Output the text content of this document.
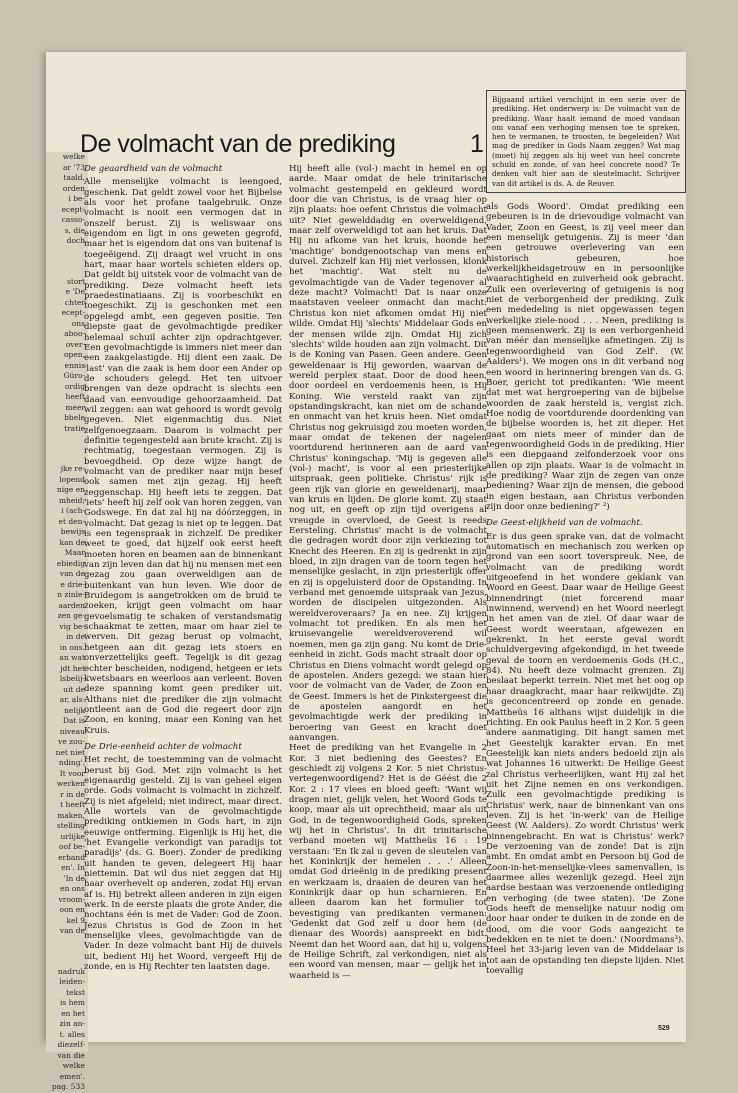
welke
ar '73
taald,
orden
i be-
ecept-
casso-
s, die
doch
stort
e 'De
chter
ecept-
ons
aboo-
over-
open,
ennis
Güro-
ordig
heeft
meer
bbele
tratie
jke re-
lopend
nige en
mheid;
i (ach-
et den-
bewijs
kan de
Maar
ebiedig
van de
e drie-
n zinle-
aarden
zen ge-
vig be-
in de
in ons.
an wat
jdt het
lsbelij-
uit de
ar, als-
nelijk
Dat is
niveau
ve zou-
net niet
nding'.
It voor
werken
r in de
t heeft
maken,
stelling
urlijke
oof be-
erband
en'. In
'In de
en ons
vroom-
oon en
kel 9
van de
nadruk
leiden-
tekst
is hem
en het
zin an-
t. alles
diezelf-
van die
welke
emen'.
pag. 533
De volmacht van de prediking	1
Bijgaand artikel verschijnt in een serie over de prediking. Het onderwerp is: De volmacht van de prediking. Waar haalt iemand de moed vandaan om vanaf een verhoging mensen toe te spreken, hen te vermanen, te troosten, te begeleiden? Wat mag de prediker in Gods Naam zeggen? Wat mag (moet) hij zeggen als hij weet van heel concrete schuld en zonde, of van heel concrete nood? Te denken valt hier aan de sleutelmacht. Schrijver van dit artikel is ds. A. de Reuver.

De geaardheid van de volmacht

Alle menselijke volmacht is leengoed, geschenk. Dat geldt zowel voor het Bijbelse als voor het profane taalgebruik. Onze volmacht is nooit een vermogen dat in onszelf berust. Zij is weliswaar ons eigendom en ligt in ons geweten gegrofd, maar het is eigendom dat ons van buitenaf is toegeëigend. Zij draagt wel vrucht in ons hart, maar haar wortels schieten elders op. Dat geldt bij uitstek voor de volmacht van de prediking. Deze volmacht heeft iets praedestinatiaans. Zij is voorbeschikt en toegeschikt. Zij is geschonken met een opgelegd ambt, een gegeven positie. Ten diepste gaat de gevolmachtigde prediker helemaal schuil achter zijn opdrachtgever. Een gevolmachtigde is immers niet meer dan een zaakgelastigde. Hij dient een zaak. De 'last' van die zaak is hem door een Ander op de schouders gelegd. Het ten uitvoer brengen van deze opdracht is slechts een daad van eenvoudige gehoorzaamheid. Dat wil zeggen: aan wat gehoord is wordt gevolg gegeven. Niet eigenmachtig dus. Niet zelfgenoegzaam. Daarom is volmacht per definitie tegengesteld aan brute kracht. Zij is rechtmatig, toegestaan vermogen. Zij is bevoegdheid. Op deze wijze hangt de volmacht van de prediker naar mijn besef ook samen met zijn gezag. Hij heeft zeggenschap. Hij heeft iets te zeggen. Dat 'iets' heeft hij zelf ook van horen zeggen, van Godswege. En dat zal hij na dóórzeggen, in volmacht. Dat gezag is niet op te leggen. Dat is een tegenspraak in zichzelf. De prediker weet te goed, dat hijzelf ook eerst heeft moeten horen en beamen aan de binnenkant van zijn leven dan dat hij nu mensen met een gezag zou gaan overweldigen aan de buitenkant van hun leven. Wie door de Bruidegom is aangetrokken om de bruid te zoeken, krijgt geen volmacht om haar gevoelsmatig te schaken of verstandsmatig schaakmat te zetten, maar om haar ziel te werven. Dit gezag berust op volmacht, hetgeen aan dit gezag iets stoers en onverzettelijks geeft. Tegelijk is dit gezag echter bescheiden, nodigend, hetgeen er iets kwetsbaars en weerloos aan verleent. Boven deze spanning komt geen prediker uit. Althans niet die prediker die zijn volmacht ontleent aan de God die regeert door zijn Zoon, en koning, maar een Koning van het Kruis.

De Drie-eenheid achter de volmacht

Het recht, de toestemming van de volmacht berust bij God. Met zijn volmacht is het eigenaardig gesteld. Zij is van geheel eigen orde. Gods volmacht is volmacht in zichzelf. Zij is niet afgeleid; niet indirect, maar direct. Alle wortels van de gevolmachtigde prediking ontkiemen in Gods hart, in zijn eeuwige ontferming. Eigenlijk is Hij het, die 'het Evangelie verkondigt van paradijs tot paradijs' (ds. G. Boer). Zonder de prediking uit handen te geven, delegeert Hij haar niettemin. Dat wil dus niet zeggen dat Hij haar overhevelt op anderen, zodat Hij ervan af is. Hij betrekt alleen anderen in zijn eigen werk. In de eerste plaats die grote Ander, die nochtans één is met de Vader: God de Zoon. Jezus Christus is God de Zoon in het menselijke vlees, gevolmachtigde van de Vader. In deze volmacht bant Hij de duivels uit, bedient Hij het Woord, vergeeft Hij de zonde, en is Hij Rechter ten laatsten dage.

Hij heeft alle (vol-) macht in hemel en op aarde. Maar omdat de hele trinitarische volmacht gestempeld en gekleurd wordt door die van Christus, is de vraag hier op zijn plaats: hoe oefent Christus die volmacht uit? Niet gewelddadig en overweldigend, maar zelf overweldigd tot aan het kruis. Dat Hij nu afkome van het kruis, hoonde het 'machtige' bondgenootschap van mens en duivel. Zichzelf kan Hij niet verlossen, klonk het 'machtig'. Wat stelt nu de gevolmachtigde van de Vader tegenover al deze macht? Volmacht! Dat is naar onze maatstaven veeleer onmacht dan macht: Christus kon niet afkomen omdat Hij niet wilde. Omdat Hij 'slechts' Middelaar Gods en der mensen wilde zijn. Omdat Hij zich 'slechts' wilde houden aan zijn volmacht. Dit is de Koning van Pasen. Geen andere. Geen geweldenaar is Hij geworden, waarvan de wereld perplex staat. Door de dood heen, door oordeel en verdoemenis heen, is Hij Koning. Wie versteld raakt van zijn opstandingskracht, kan niet om de schande en onmacht van het kruis heen. Niet omdat Christus nog gekruisigd zou moeten worden, maar omdat de tekenen der nagelen voortdurend herinneren aan de aard van Christus' koningschap. 'Mij is gegeven alle (vol-) macht', is voor al een priesterlijke uitspraak, geen politieke. Christus' rijk is geen rijk van glorie en geweldenarij, maar van kruis en lijden. De glorie komt. Zij staat nog uit, en geeft op zijn tijd overigens al vreugde in overvloed, de Geest is reeds Eersteling. Christus' macht is de volmacht die gedragen wordt door zijn verkiezing tot Knecht des Heeren. En zij is gedrenkt in zijn bloed, in zijn dragen van de toorn tegen het menselijke geslacht, in zijn priesterlijk offer en zij is opgeluisterd door de Opstanding. In verband met genoemde uitspraak van Jezus, worden de discipelen uitgezonden. Als wereldveroveraars? Ja en nee. Zij krijgen volmacht tot prediken. En als men het kruisevangelie wereldveroverend wil noemen, men ga zijn gang. Nu komt de Drie-eenheid in zicht. Gods macht straalt door op Christus en Diens volmacht wordt gelegd op de apostelen. Anders gezegd: we staan hier voor de volmacht van de Vader, de Zoon en de Geest. Immers is het de Pinkstergeest die de apostelen aangordt en het gevolmachtigde werk der prediking in beroering van Geest en kracht doet aanvangen.

Heet de prediking van het Evangelie in 2 Kor. 3 niet bediening des Geestes? En geschiedt zij volgens 2 Kor. 5 niet Christus-vertegenwoordigend? Het is de Géést die 2 Kor. 2 : 17 vlees en bloed geeft: 'Want wij dragen niet, gelijk velen, het Woord Gods te koop, maar als uit oprechtheid, maar als uit God, in de tegenwoordigheid Gods, spreken wij het in Christus'. In dit trinitarische verband moeten wij Mattheüs 16 : 19 verstaan: 'En Ik zal u geven de sleutelen van het Koninkrijk der hemelen . . .' Alleen omdat God drieënig in de prediking present en werkzaam is, draaien de deuren van het Koninkrijk daar op hun scharnieren. En alleen daarom kan het formulier tot bevestiging van predikanten vermanen: 'Gedenkt dat God zelf u door hem (de dienaar des Woords) aanspreekt en bidt. Neemt dan het Woord aan, dat hij u, volgens de Heilige Schrift, zal verkondigen, niet als een woord van mensen, maar — gelijk het in waarheid is —

als Gods Woord'. Omdat prediking een gebeuren is in de drievoudige volmacht van Vader, Zoon en Geest, is zij veel meer dan een menselijk getuigenis. Zij is meer 'dan een getrouwe overlevering van een historisch gebeuren, hoe werkelijkheidsgetrouw en in persoonlijke waarachtigheid en zuiverheid ook gebracht. Zulk een overlevering of getuigenis is nog niet de verborgenheid der prediking. Zulk een mededeling is niet opgewassen tegen werkelijke ziele-nood . . . Neen, prediking is geen mensenwerk. Zij is een verborgenheid van méér dan menselijke afmetingen. Zij is tegenwoordigheid van God Zelf'. (W. Aalders¹). We mogen ons in dit verband nog een woord in herinnering brengen van ds. G. Boer, gericht tot predikanten: 'Wie meent dat met wat hergroepering van de bijbelse woorden de zaak hersteld is, vergist zich. Hoe nodig de voortdurende doordenking van de bijbelse woorden is, het zit dieper. Het gaat om niets meer of minder dan de tegenwoordigheid Gods in de prediking. Hier is een diepgaand zelfonderzoek voor ons allen op zijn plaats. Waar is de volmacht in de prediking? Waar zijn de zegen van onze bediening? Waar zijn de mensen, die gebood in eigen bestaan, aan Christus verbonden zijn door onze bediening?' ²)

De Geest-elijkheid van de volmacht.

Er is dus geen sprake van, dat de volmacht automatisch en mechanisch zou werken op grond van een soort toverspreuk. Nee, de volmacht van de prediking wordt uitgeoefend in het wondere geklank van Woord en Geest. Daar waar de Heilige Geest binnendringt (niet forcerend maar inwinnend, wervend) en het Woord neerlegt in het amen van de ziel. Of daar waar de Geest wordt weerstaan, afgewezen en gekrenkt. In het eerste geval wordt schuldvergeving afgekondigd, in het tweede geval de toorn en verdoemenis Gods (H.C., 84). Nu heeft deze volmacht grenzen. Zij beslaat beperkt terrein. Niet met het oog op haar draagkracht, maar haar reikwijdte. Zij is geconcentreerd op zonde en genade. Mattheüs 16 althans wijst duidelijk in die richting. En ook Paulus heeft in 2 Kor. 5 geen andere aanmatiging. Dit hangt samen met het Geestelijk karakter ervan. En met Geestelijk kan niets anders bedoeld zijn als wat Johannes 16 uitwerkt: De Heilige Geest zal Christus verheerlijken, want Hij zal het uit het Zijne nemen en ons verkondigen. Zulk een gevolmachtigde prediking is Christus' werk, naar de binnenkant van ons leven. Zij is het 'in-werk' van de Heilige Geest (W. Aalders). Zo wordt Christus' werk binnengebracht. En wat is Christus' werk? De verzoening van de zonde! Dat is zijn ambt. En omdat ambt en Persoon bij God de Zoon-in-het-menselijke-vlees samenvallen, is daarmee alles wezenlijk gezegd. Heel zijn aardse bestaan was verzoenende ontlediging en verhoging (de twee staten). 'De Zone Gods heeft de menselijke natuur nodig om door haar onder te duiken in de zonde en de dood, om die voor Gods aangezicht te bedekken en te niet te doen.' (Noordmans³). Heel het 33-jarig leven van de Middelaar is tot aan de opstanding ten diepste lijden. Niet toevallig

529
